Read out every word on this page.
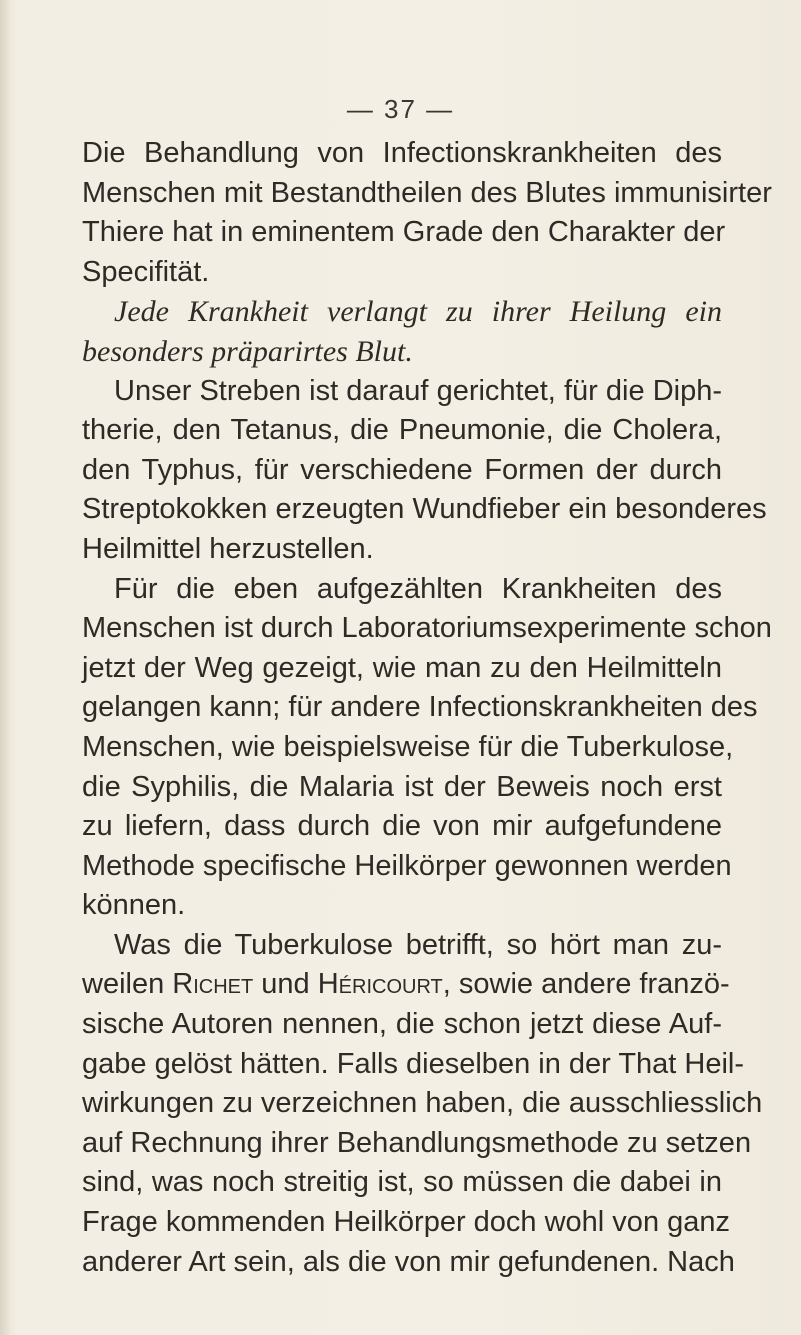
— 37 —
Die Behandlung von Infectionskrankheiten des
Menschen mit Bestandtheilen des Blutes immunisirter
Thiere hat in eminentem Grade den Charakter der
Specifität.
Jede Krankheit verlangt zu ihrer Heilung ein
besonders präparirtes Blut.
Unser Streben ist darauf gerichtet, für die Diph-
therie, den Tetanus, die Pneumonie, die Cholera,
den Typhus, für verschiedene Formen der durch
Streptokokken erzeugten Wundfieber ein besonderes
Heilmittel herzustellen.
Für die eben aufgezählten Krankheiten des
Menschen ist durch Laboratoriumsexperimente schon
jetzt der Weg gezeigt, wie man zu den Heilmitteln
gelangen kann; für andere Infectionskrankheiten des
Menschen, wie beispielsweise für die Tuberkulose,
die Syphilis, die Malaria ist der Beweis noch erst
zu liefern, dass durch die von mir aufgefundene
Methode specifische Heilkörper gewonnen werden
können.
Was die Tuberkulose betrifft, so hört man zu-
weilen Richet und Héricourt, sowie andere franzö-
sische Autoren nennen, die schon jetzt diese Auf-
gabe gelöst hätten. Falls dieselben in der That Heil-
wirkungen zu verzeichnen haben, die ausschliesslich
auf Rechnung ihrer Behandlungsmethode zu setzen
sind, was noch streitig ist, so müssen die dabei in
Frage kommenden Heilkörper doch wohl von ganz
anderer Art sein, als die von mir gefundenen. Nach
